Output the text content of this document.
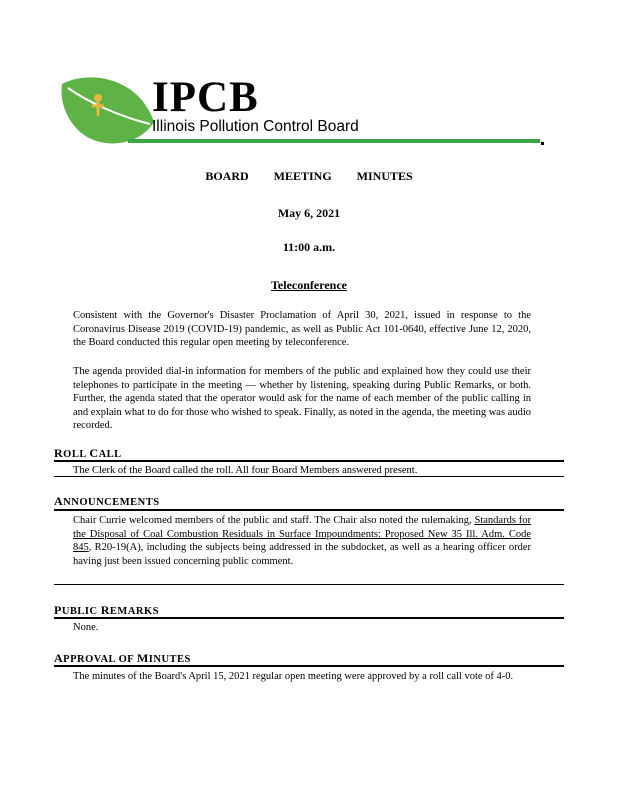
IPCB
Illinois Pollution Control Board
BOARD MEETING MINUTES
May 6, 2021
11:00 a.m.
Teleconference
Consistent with the Governor's Disaster Proclamation of April 30, 2021, issued in response to the Coronavirus Disease 2019 (COVID-19) pandemic, as well as Public Act 101-0640, effective June 12, 2020, the Board conducted this regular open meeting by teleconference.
The agenda provided dial-in information for members of the public and explained how they could use their telephones to participate in the meeting — whether by listening, speaking during Public Remarks, or both. Further, the agenda stated that the operator would ask for the name of each member of the public calling in and explain what to do for those who wished to speak. Finally, as noted in the agenda, the meeting was audio recorded.
ROLL CALL
The Clerk of the Board called the roll. All four Board Members answered present.
ANNOUNCEMENTS
Chair Currie welcomed members of the public and staff. The Chair also noted the rulemaking, Standards for the Disposal of Coal Combustion Residuals in Surface Impoundments: Proposed New 35 Ill. Adm. Code 845, R20-19(A), including the subjects being addressed in the subdocket, as well as a hearing officer order having just been issued concerning public comment.
PUBLIC REMARKS
None.
APPROVAL OF MINUTES
The minutes of the Board's April 15, 2021 regular open meeting were approved by a roll call vote of 4-0.
